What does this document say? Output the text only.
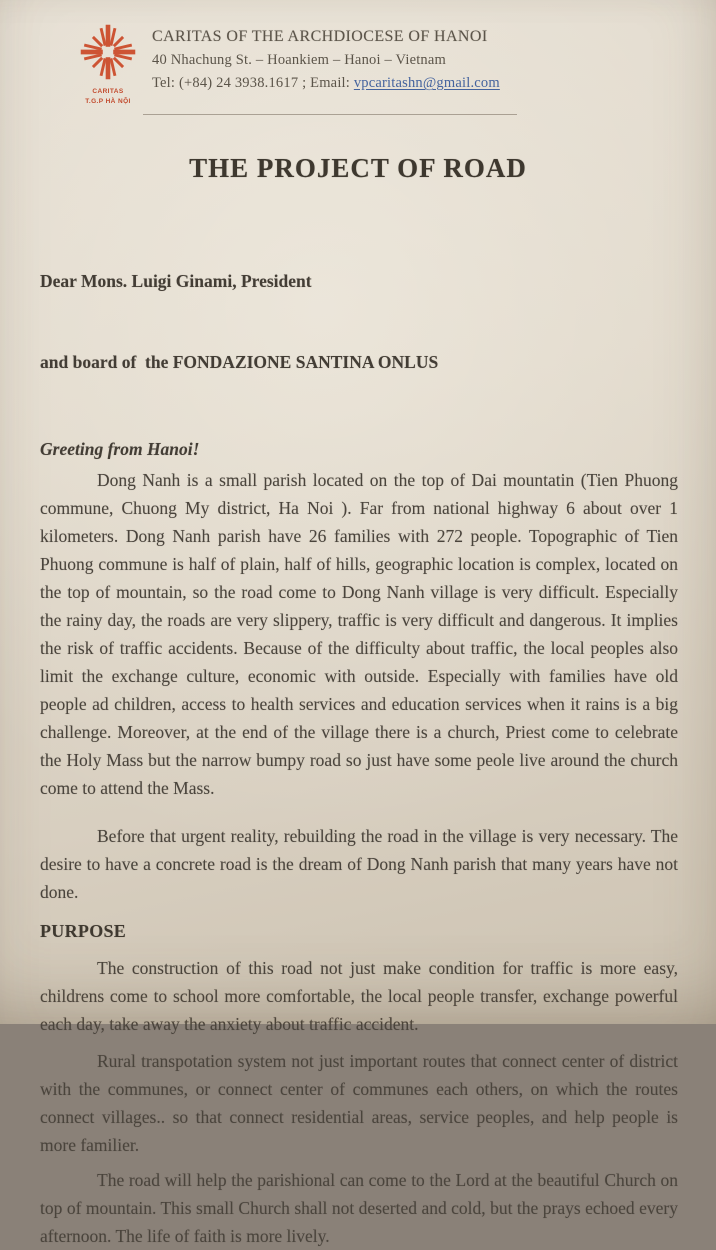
CARITAS
T.G.P HÀ NỘI
CARITAS OF THE ARCHDIOCESE OF HANOI
40 Nhachung St. – Hoankiem – Hanoi – Vietnam
Tel: (+84) 24 3938.1617 ; Email: vpcaritashn@gmail.com
THE PROJECT OF ROAD

Dear Mons. Luigi Ginami, President

and board of  the FONDAZIONE SANTINA ONLUS

Greeting from Hanoi!

Dong Nanh is a small parish located on the top of Dai mountatin (Tien Phuong commune, Chuong My district, Ha Noi ). Far from national highway 6 about over 1 kilometers. Dong Nanh parish have 26 families with 272 people. Topographic of Tien Phuong commune is half of plain, half of hills, geographic location is complex, located on the top of mountain, so the road come to Dong Nanh village is very difficult. Especially the rainy day, the roads are very slippery, traffic is very difficult and dangerous. It implies the risk of traffic accidents. Because of the difficulty about traffic, the local peoples also limit the exchange culture, economic with outside. Especially with families have old people ad children, access to health services and education services when it rains is a big challenge. Moreover, at the end of the village there is a church, Priest come to celebrate the Holy Mass but the narrow bumpy road so just have some peole live around the church come to attend the Mass.

Before that urgent reality, rebuilding the road in the village is very necessary. The desire to have a concrete road is the dream of Dong Nanh parish that many years have not done.

PURPOSE

The construction of this road not just make condition for traffic is more easy, childrens come to school more comfortable, the local people transfer, exchange powerful each day, take away the anxiety about traffic accident.

Rural transpotation system not just important routes that connect center of district with the communes, or connect center of communes each others, on which the routes connect villages.. so that connect residential areas, service peoples, and help people is more familier.

The road will help the parishional can come to the Lord at the beautiful Church on top of mountain. This small Church shall not deserted and cold, but the prays echoed every afternoon. The life of faith is more lively.
